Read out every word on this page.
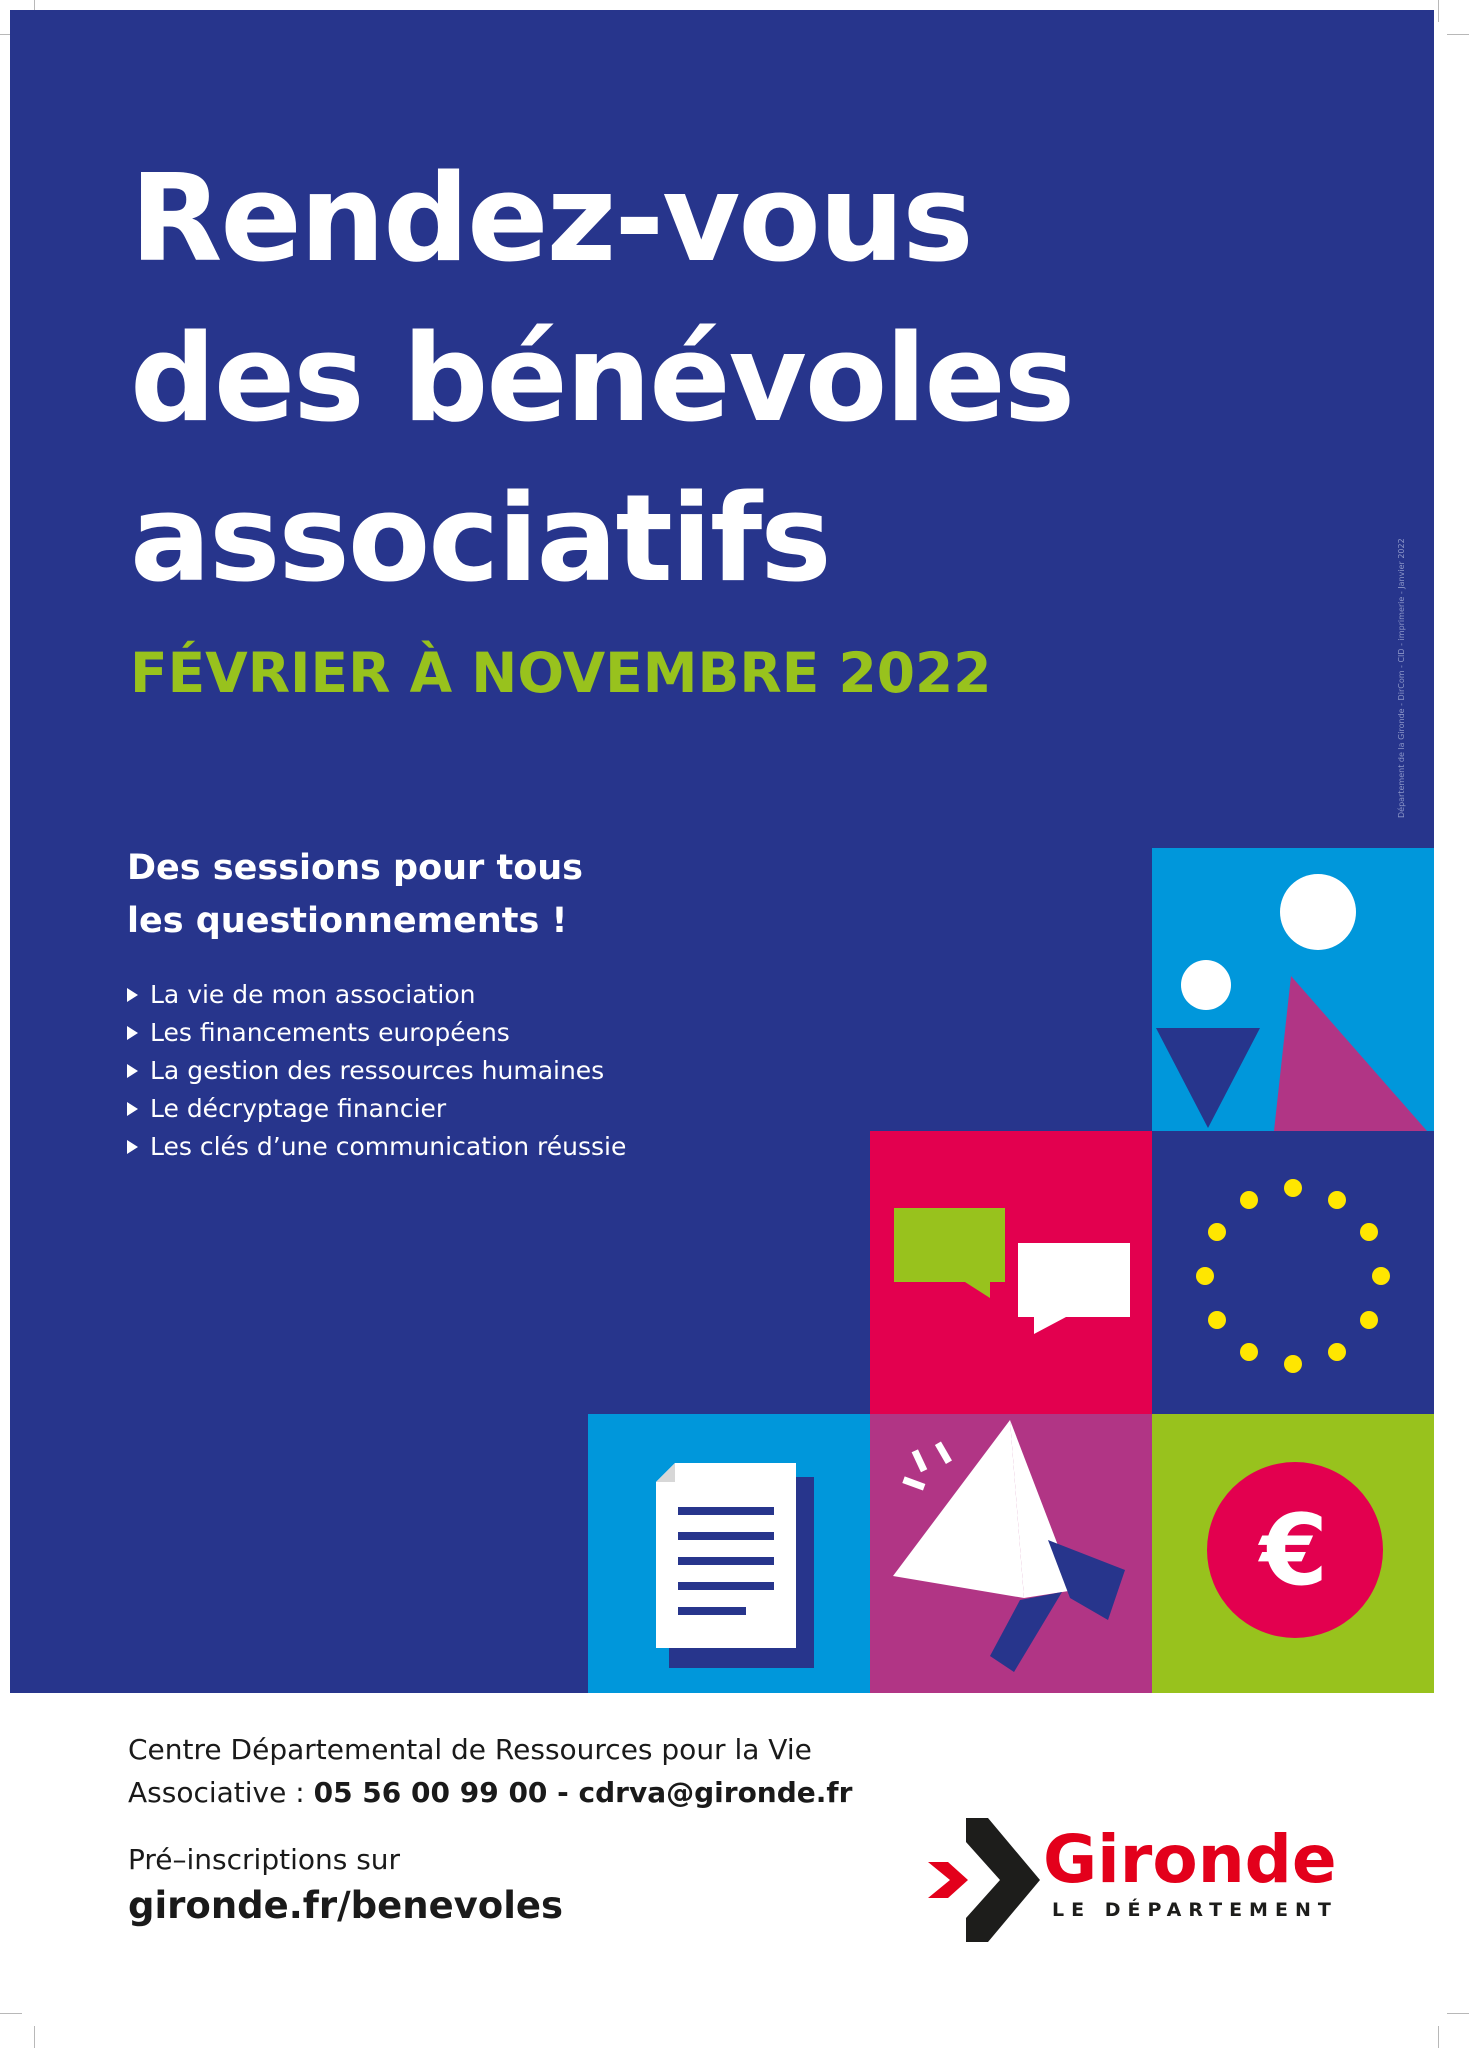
Rendez-vous
des bénévoles
associatifs

FÉVRIER À NOVEMBRE 2022

Des sessions pour tous
les questionnements !
La vie de mon association
Les financements européens
La gestion des ressources humaines
Le décryptage financier
Les clés d’une communication réussie
Département de la Gironde - DirCom - CID - imprimerie - Janvier 2022
€

Centre Départemental de Ressources pour la Vie
Associative : 05 56 00 99 00 - cdrva@gironde.fr

Pré–inscriptions sur

gironde.fr/benevoles

Gironde

LE DÉPARTEMENT
